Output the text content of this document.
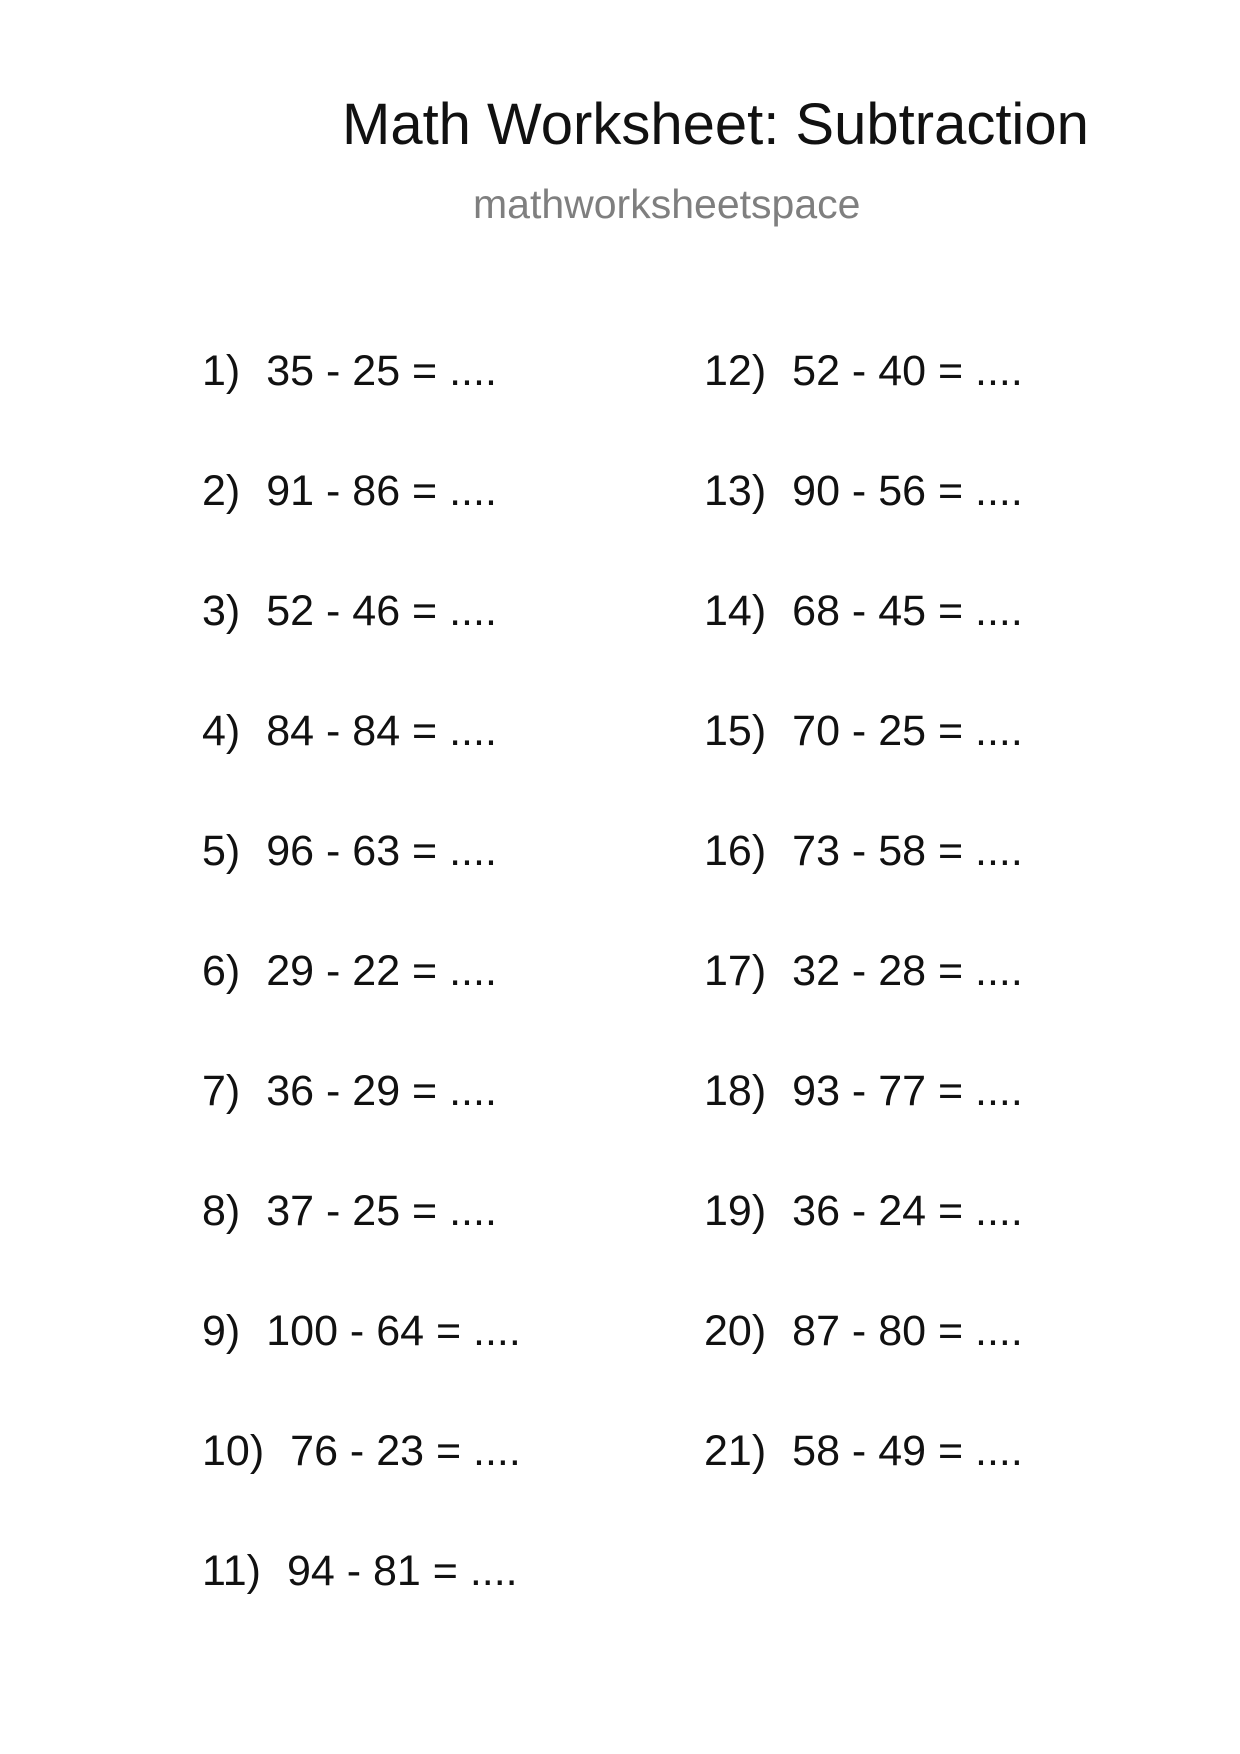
Math Worksheet: Subtraction
mathworksheetspace
1) 35 - 25 = ....
2) 91 - 86 = ....
3) 52 - 46 = ....
4) 84 - 84 = ....
5) 96 - 63 = ....
6) 29 - 22 = ....
7) 36 - 29 = ....
8) 37 - 25 = ....
9) 100 - 64 = ....
10) 76 - 23 = ....
11) 94 - 81 = ....
12) 52 - 40 = ....
13) 90 - 56 = ....
14) 68 - 45 = ....
15) 70 - 25 = ....
16) 73 - 58 = ....
17) 32 - 28 = ....
18) 93 - 77 = ....
19) 36 - 24 = ....
20) 87 - 80 = ....
21) 58 - 49 = ....
